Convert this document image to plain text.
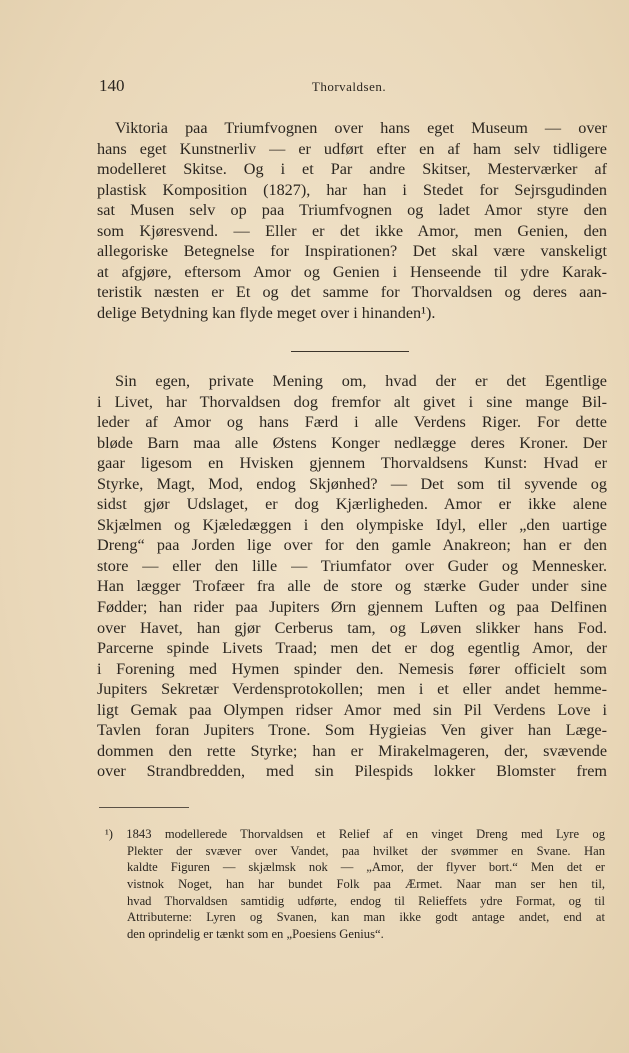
140	Thorvaldsen.
Viktoria paa Triumfvognen over hans eget Museum — over
hans eget Kunstnerliv — er udført efter en af ham selv tidligere
modelleret Skitse. Og i et Par andre Skitser, Mesterværker af
plastisk Komposition (1827), har han i Stedet for Sejrsgudinden
sat Musen selv op paa Triumfvognen og ladet Amor styre den
som Kjøresvend. — Eller er det ikke Amor, men Genien, den
allegoriske Betegnelse for Inspirationen? Det skal være vanskeligt
at afgjøre, eftersom Amor og Genien i Henseende til ydre Karak-
teristik næsten er Et og det samme for Thorvaldsen og deres aan-
delige Betydning kan flyde meget over i hinanden¹).
Sin egen, private Mening om, hvad der er det Egentlige
i Livet, har Thorvaldsen dog fremfor alt givet i sine mange Bil-
leder af Amor og hans Færd i alle Verdens Riger. For dette
bløde Barn maa alle Østens Konger nedlægge deres Kroner. Der
gaar ligesom en Hvisken gjennem Thorvaldsens Kunst: Hvad er
Styrke, Magt, Mod, endog Skjønhed? — Det som til syvende og
sidst gjør Udslaget, er dog Kjærligheden. Amor er ikke alene
Skjælmen og Kjæledæggen i den olympiske Idyl, eller „den uartige
Dreng“ paa Jorden lige over for den gamle Anakreon; han er den
store — eller den lille — Triumfator over Guder og Mennesker.
Han lægger Trofæer fra alle de store og stærke Guder under sine
Fødder; han rider paa Jupiters Ørn gjennem Luften og paa Delfinen
over Havet, han gjør Cerberus tam, og Løven slikker hans Fod.
Parcerne spinde Livets Traad; men det er dog egentlig Amor, der
i Forening med Hymen spinder den. Nemesis fører officielt som
Jupiters Sekretær Verdensprotokollen; men i et eller andet hemme-
ligt Gemak paa Olympen ridser Amor med sin Pil Verdens Love i
Tavlen foran Jupiters Trone. Som Hygieias Ven giver han Læge-
dommen den rette Styrke; han er Mirakelmageren, der, svævende
over Strandbredden, med sin Pilespids lokker Blomster frem
¹) 1843 modellerede Thorvaldsen et Relief af en vinget Dreng med Lyre og
Plekter der svæver over Vandet, paa hvilket der svømmer en Svane. Han
kaldte Figuren — skjælmsk nok — „Amor, der flyver bort.“ Men det er
vistnok Noget, han har bundet Folk paa Ærmet. Naar man ser hen til,
hvad Thorvaldsen samtidig udførte, endog til Relieffets ydre Format, og til
Attributerne: Lyren og Svanen, kan man ikke godt antage andet, end at
den oprindelig er tænkt som en „Poesiens Genius“.
